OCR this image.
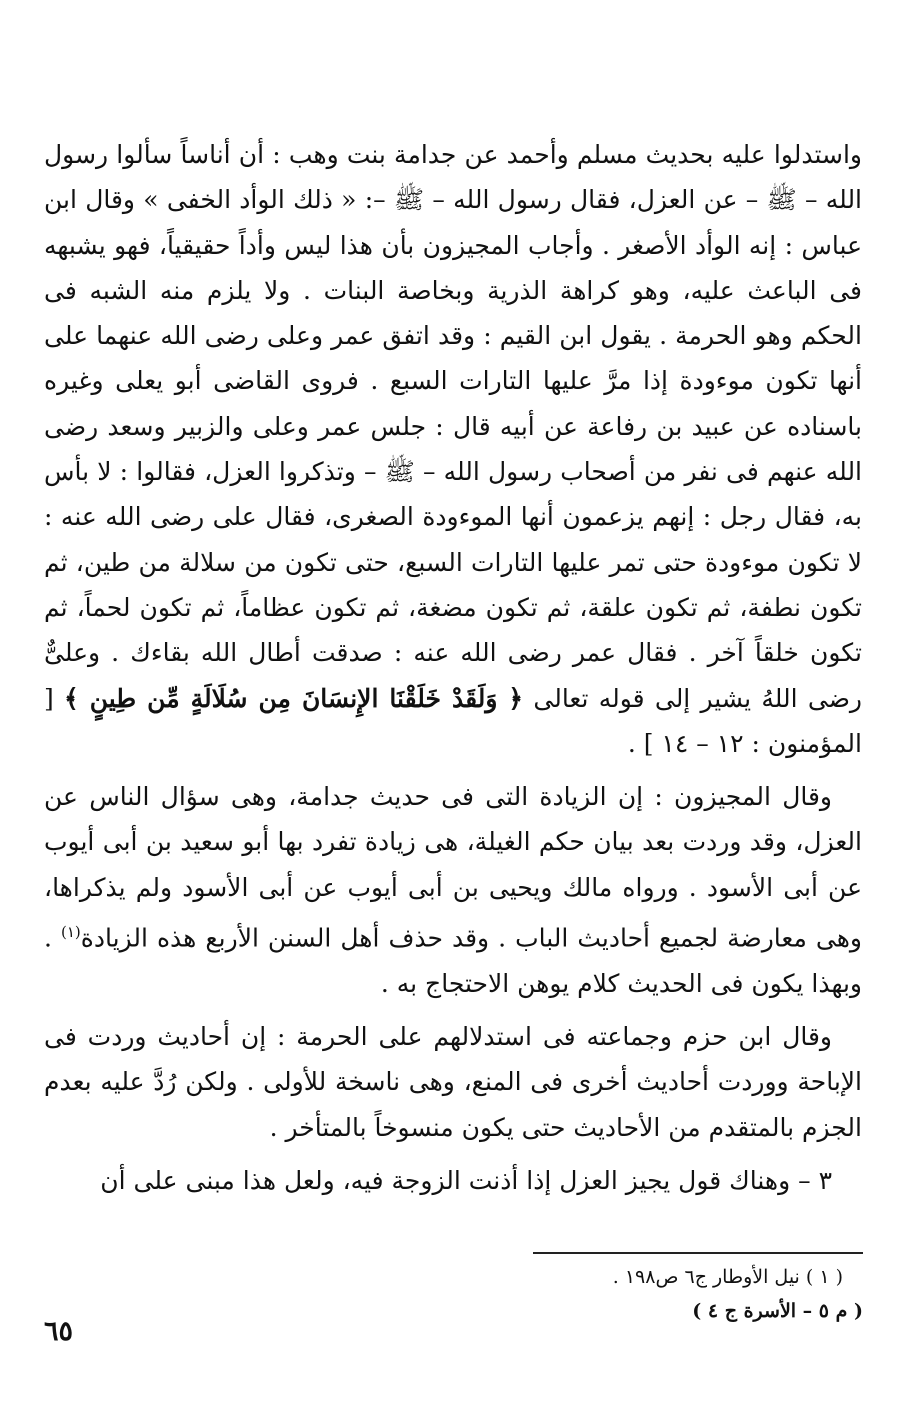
واستدلوا عليه بحديث مسلم وأحمد عن جدامة بنت وهب : أن أناساً سألوا رسول الله – ﷺ – عن العزل، فقال رسول الله – ﷺ –: « ذلك الوأد الخفى » وقال ابن عباس : إنه الوأد الأصغر . وأجاب المجيزون بأن هذا ليس وأداً حقيقياً، فهو يشبهه فى الباعث عليه، وهو كراهة الذرية وبخاصة البنات . ولا يلزم منه الشبه فى الحكم وهو الحرمة . يقول ابن القيم : وقد اتفق عمر وعلى رضى الله عنهما على أنها تكون موءودة إذا مرَّ عليها التارات السبع . فروى القاضى أبو يعلى وغيره باسناده عن عبيد بن رفاعة عن أبيه قال : جلس عمر وعلى والزبير وسعد رضى الله عنهم فى نفر من أصحاب رسول الله – ﷺ – وتذكروا العزل، فقالوا : لا بأس به، فقال رجل : إنهم يزعمون أنها الموءودة الصغرى، فقال على رضى الله عنه : لا تكون موءودة حتى تمر عليها التارات السبع، حتى تكون من سلالة من طين، ثم تكون نطفة، ثم تكون علقة، ثم تكون مضغة، ثم تكون عظاماً، ثم تكون لحماً، ثم تكون خلقاً آخر . فقال عمر رضى الله عنه : صدقت أطال الله بقاءك . وعلىٌّ رضى اللهُ يشير إلى قوله تعالى ﴿ وَلَقَدْ خَلَقْنَا الإِنسَانَ مِن سُلَالَةٍ مِّن طِينٍ ﴾ [ المؤمنون : ١٢ – ١٤ ] .

وقال المجيزون : إن الزيادة التى فى حديث جدامة، وهى سؤال الناس عن العزل، وقد وردت بعد بيان حكم الغيلة، هى زيادة تفرد بها أبو سعيد بن أبى أيوب عن أبى الأسود . ورواه مالك ويحيى بن أبى أيوب عن أبى الأسود ولم يذكراها، وهى معارضة لجميع أحاديث الباب . وقد حذف أهل السنن الأربع هذه الزيادة$^{(١)}$ . وبهذا يكون فى الحديث كلام يوهن الاحتجاج به .

وقال ابن حزم وجماعته فى استدلالهم على الحرمة : إن أحاديث وردت فى الإباحة ووردت أحاديث أخرى فى المنع، وهى ناسخة للأولى . ولكن رُدَّ عليه بعدم الجزم بالمتقدم من الأحاديث حتى يكون منسوخاً بالمتأخر .

٣ – وهناك قول يجيز العزل إذا أذنت الزوجة فيه، ولعل هذا مبنى على أن

( ١ ) نيل الأوطار ج٦ ص١٩٨ .
( م ٥ – الأسرة ج ٤ )
٦٥
